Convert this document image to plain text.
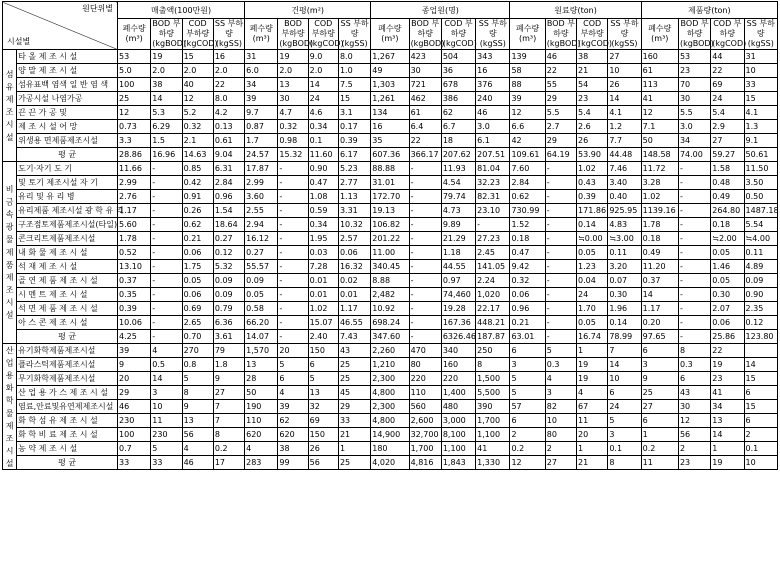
원단위별
시설별		매출액(100만원)				건평(m²)				종업원(명)				원료량(ton)				제품량(ton)			
		폐수량 (m³)	BOD 부하량 (kgBOD)	COD 부하량 (kgCOD)	SS 부하량 (kgSS)	폐수량 (m³)	BOD 부하량 (kgBOD)	COD 부하량 (kgCOD)	SS 부하량 (kgSS)	폐수량 (m³)	BOD 부하량 (kgBOD)	COD 부하량 (kgCOD)	SS 부하량 (kgSS)	폐수량 (m³)	BOD 부하량 (kgBOD)	COD 부하량 (kgCOD)	SS 부하량 (kgSS)	폐수량 (m³)	BOD 부하량 (kgBOD)	COD 부하량 (kgCOD)	SS 부하량 (kgSS)
섬 유 제 조 시 설	타 올 제 조 시 설	53	19	15	16	31	19	9.0	8.0	1,267	423	504	343	139	46	38	27	160	53	44	31
	양 말 제 조 시 설	5.0	2.0	2.0	2.0	6.0	2.0	2.0	1.0	49	30	36	16	58	22	21	10	61	23	22	10
	섬유표백 염색 일 반 염 색	100	38	40	22	34	13	14	7.5	1,303	721	678	376	88	55	54	26	113	70	69	33
	가공시설 나염가공	25	14	12	8.0	39	30	24	15	1,261	462	386	240	39	29	23	14	41	30	24	15
	끈 끈 가 공 및	12	5.3	5.2	4.2	9.7	4.7	4.6	3.1	134	61	62	46	12	5.5	5.4	4.1	12	5.5	5.4	4.1
	제 조 시 설 어 망	0.73	6.29	0.32	0.13	0.87	0.32	0.34	0.17	16	6.4	6.7	3.0	6.6	2.7	2.6	1.2	7.1	3.0	2.9	1.3
	위생용 면제품제조시설	3.3	1.5	2.1	0.61	1.7	0.98	0.1	0.39	35	22	18	6.1	42	29	26	7.7	50	34	27	9.1
	평 균	28.86	16.96	14.63	9.04	24.57	15.32	11.60	6.17	607.36	366.17	207.62	207.51	109.61	64.19	53.90	44.48	148.58	74.00	59.27	50.61
비 금 속 광 물 제 품 제 조 시 설	도기·자기 도 기	11.66	-	0.85	6.31	17.87	-	0.90	5.23	88.88	-	11.93	81.04	7.60	-	1.02	7.46	11.72	-	1.58	11.50
	및 토기 제조시설 자 기	2.99	-	0.42	2.84	2.99	-	0.47	2.77	31.01	-	4.54	32.23	2.84	-	0.43	3.40	3.28	-	0.48	3.50
	유리 및 유 리 병	2.76	-	0.91	0.96	3.60	-	1.08	1.13	172.70	-	79.74	82.31	0.62	-	0.39	0.40	1.02	-	0.49	0.50
	유리제품 제조시설 광 학 유 리	1.17	-	0.26	1.54	2.55	-	0.59	3.31	19.13	-	4.73	23.10	730.99	-	171.86	925.95	1139.16	-	264.80	1487.18
	구조점토제품제조시설(타일)	5.60	-	0.62	18.64	2.94	-	0.34	10.32	106.82	-	9.89	-	1.52	-	0.14	4.83	1.78	-	0.18	5.54
	콘크리트제품제조시설	1.78	-	0.21	0.27	16.12	-	1.95	2.57	201.22	-	21.29	27.23	0.18	-	≒0.00	≒3.00	0.18	-	≒2.00	≒4.00
	내 화 물 제 조 시 설	0.52	-	0.06	0.12	0.27	-	0.03	0.06	11.00	-	1.18	2.45	0.47	-	0.05	0.11	0.49	-	0.05	0.11
	석 재 제 조 시 설	13.10	-	1.75	5.32	55.57	-	7.28	16.32	340.45	-	44.55	141.05	9.42	-	1.23	3.20	11.20	-	1.46	4.89
	골 연 제 품 제 조 시 설	0.37	-	0.05	0.09	0.09	-	0.01	0.02	8.88	-	0.97	2.24	0.32	-	0.04	0.07	0.37	-	0.05	0.09
	시 멘 트 제 조 시 설	0.35	-	0.06	0.09	0.05	-	0.01	0.01	2,482	-	74,460	1,020	0.06	-	24	0.30	14	-	0.30	0.90
	석 면 제 품 제 조 시 설	0.39	-	0.69	0.79	0.58	-	1.02	1.17	10.92	-	19.28	22.17	0.96	-	1.70	1.96	1.17	-	2.07	2.35
	아 스 콘 제 조 시 설	10.06	-	2.65	6.36	66.20	-	15.07	46.55	698.24	-	167.36	448.21	0.21	-	0.05	0.14	0.20	-	0.06	0.12
	평 균	4.25	-	0.70	3.61	14.07	-	2.40	7.43	347.60	-	6326.46	187.87	63.01	-	16.74	78.99	97.65	-	25.86	123.80
산 업 용 화 학 물 제 조 시 설	유기화학제품제조시설	39	4	270	79	1,570	20	150	43	2,260	470	340	250	6	5	1	7	6	8	22	
	플라스틱제품제조시설	9	0.5	0.8	1.8	13	5	6	25	1,210	80	160	8	3	0.3	19	14	3	0.3	19	14
	무기화학제품제조시설	20	14	5	9	28	6	5	25	2,300	220	220	1,500	5	4	19	10	9	6	23	15
	산 업 용 가 스 제 조 시 설	29	3	8	27	50	4	13	45	4,800	110	1,400	5,500	5	3	4	6	25	43	41	6
	염료,안료및유연제제조시설	46	10	9	7	190	39	32	29	2,300	560	480	390	57	82	67	24	27	30	34	15
	화 학 섬 유 제 조 시 설	230	11	13	7	110	62	69	33	4,800	2,600	3,000	1,700	6	10	11	5	6	12	13	6
	화 학 비 료 제 조 시 설	100	230	56	8	620	620	150	21	14,900	32,700	8,100	1,100	2	80	20	3	1	56	14	2
	농 약 제 조 시 설	0.7	5	4	0.2	4	38	26	1	180	1,700	1,100	41	0.2	2	1	0.1	0.2	2	1	0.1
	평 균	33	33	46	17	283	99	56	25	4,020	4,816	1,843	1,330	12	27	21	8	11	23	19	10
